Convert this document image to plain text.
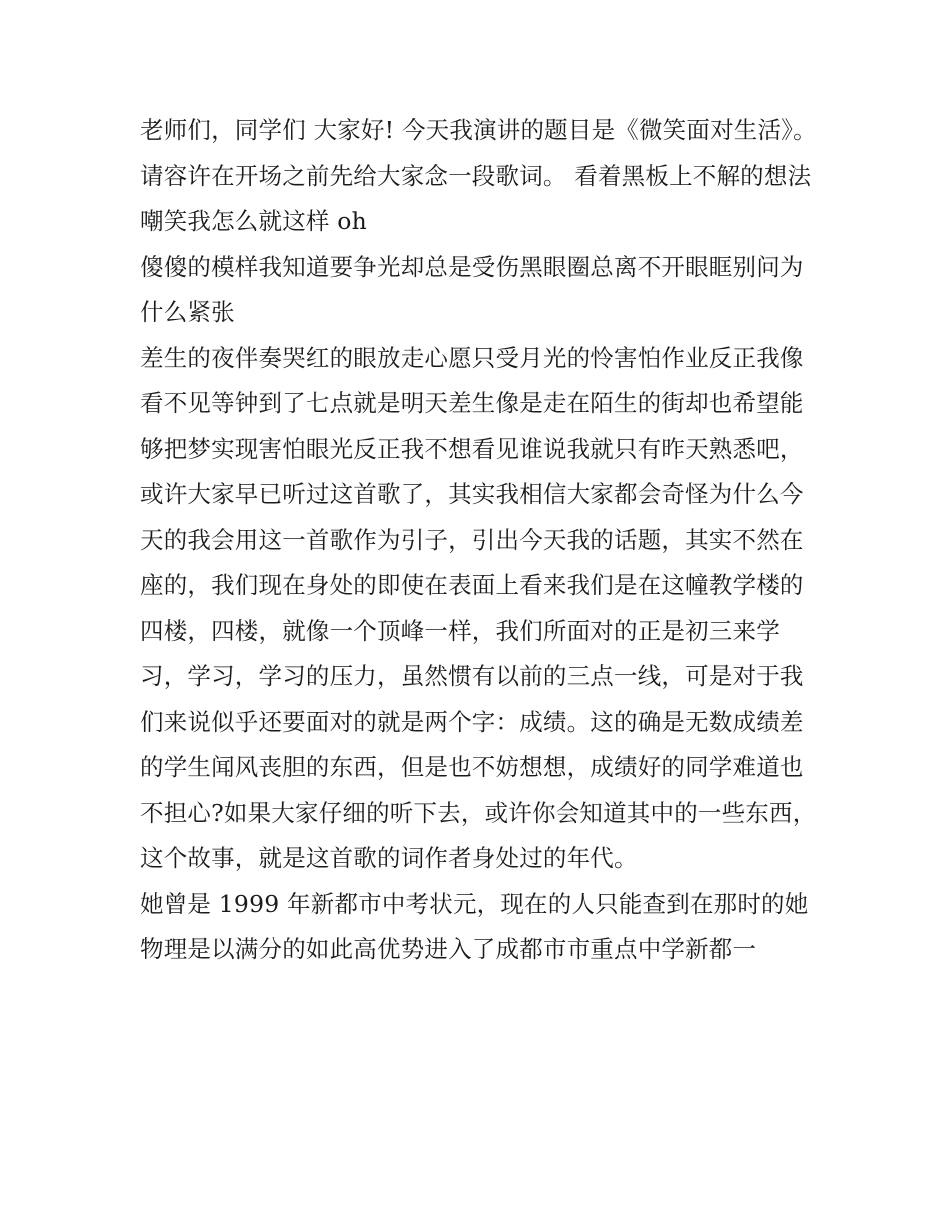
老师们，同学们 大家好! 今天我演讲的题目是《微笑面对生活》。请容许在开场之前先给大家念一段歌词。 看着黑板上不解的想法嘲笑我怎么就这样 oh

傻傻的模样我知道要争光却总是受伤黑眼圈总离不开眼眶别问为什么紧张

差生的夜伴奏哭红的眼放走心愿只受月光的怜害怕作业反正我像看不见等钟到了七点就是明天差生像是走在陌生的街却也希望能够把梦实现害怕眼光反正我不想看见谁说我就只有昨天熟悉吧，或许大家早已听过这首歌了，其实我相信大家都会奇怪为什么今天的我会用这一首歌作为引子，引出今天我的话题，其实不然在座的，我们现在身处的即使在表面上看来我们是在这幢教学楼的四楼，四楼，就像一个顶峰一样，我们所面对的正是初三来学习，学习，学习的压力，虽然惯有以前的三点一线，可是对于我们来说似乎还要面对的就是两个字：成绩。这的确是无数成绩差的学生闻风丧胆的东西，但是也不妨想想，成绩好的同学难道也不担心?如果大家仔细的听下去，或许你会知道其中的一些东西，这个故事，就是这首歌的词作者身处过的年代。

她曾是 1999 年新都市中考状元，现在的人只能查到在那时的她物理是以满分的如此高优势进入了成都市市重点中学新都一
